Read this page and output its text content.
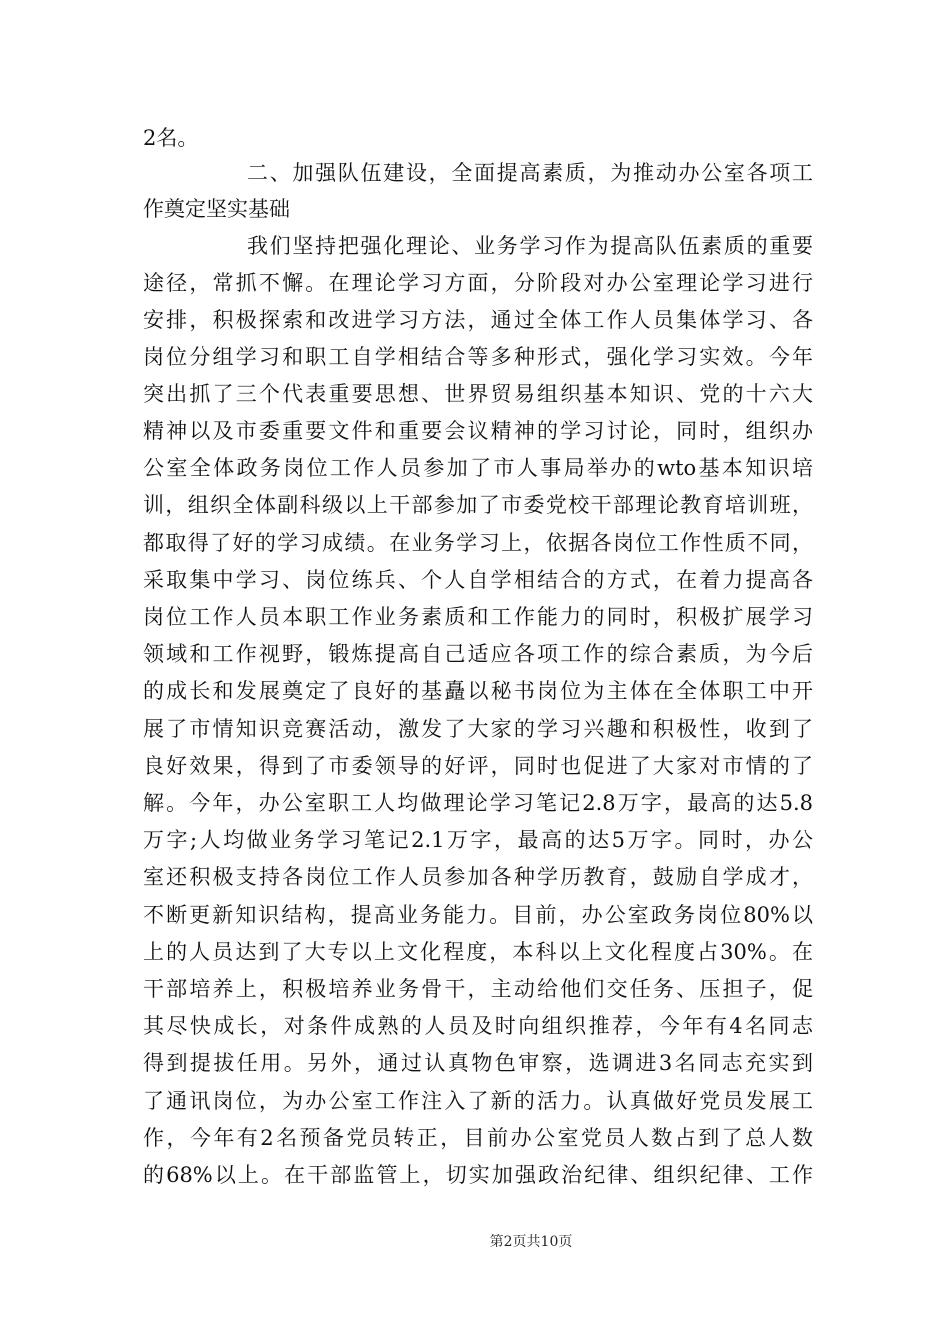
2名。
二、加强队伍建设，全面提高素质，为推动办公室各项工
作奠定坚实基础
我们坚持把强化理论、业务学习作为提高队伍素质的重要
途径，常抓不懈。在理论学习方面，分阶段对办公室理论学习进行
安排，积极探索和改进学习方法，通过全体工作人员集体学习、各
岗位分组学习和职工自学相结合等多种形式，强化学习实效。今年
突出抓了三个代表重要思想、世界贸易组织基本知识、党的十六大
精神以及市委重要文件和重要会议精神的学习讨论，同时，组织办
公室全体政务岗位工作人员参加了市人事局举办的wto基本知识培
训，组织全体副科级以上干部参加了市委党校干部理论教育培训班，
都取得了好的学习成绩。在业务学习上，依据各岗位工作性质不同，
采取集中学习、岗位练兵、个人自学相结合的方式，在着力提高各
岗位工作人员本职工作业务素质和工作能力的同时，积极扩展学习
领域和工作视野，锻炼提高自己适应各项工作的综合素质，为今后
的成长和发展奠定了良好的基矗以秘书岗位为主体在全体职工中开
展了市情知识竞赛活动，激发了大家的学习兴趣和积极性，收到了
良好效果，得到了市委领导的好评，同时也促进了大家对市情的了
解。今年，办公室职工人均做理论学习笔记2.8万字，最高的达5.8
万字;人均做业务学习笔记2.1万字，最高的达5万字。同时，办公
室还积极支持各岗位工作人员参加各种学历教育，鼓励自学成才，
不断更新知识结构，提高业务能力。目前，办公室政务岗位80%以
上的人员达到了大专以上文化程度，本科以上文化程度占30%。在
干部培养上，积极培养业务骨干，主动给他们交任务、压担子，促
其尽快成长，对条件成熟的人员及时向组织推荐，今年有4名同志
得到提拔任用。另外，通过认真物色审察，选调进3名同志充实到
了通讯岗位，为办公室工作注入了新的活力。认真做好党员发展工
作，今年有2名预备党员转正，目前办公室党员人数占到了总人数
的68%以上。在干部监管上，切实加强政治纪律、组织纪律、工作
第2页共10页
